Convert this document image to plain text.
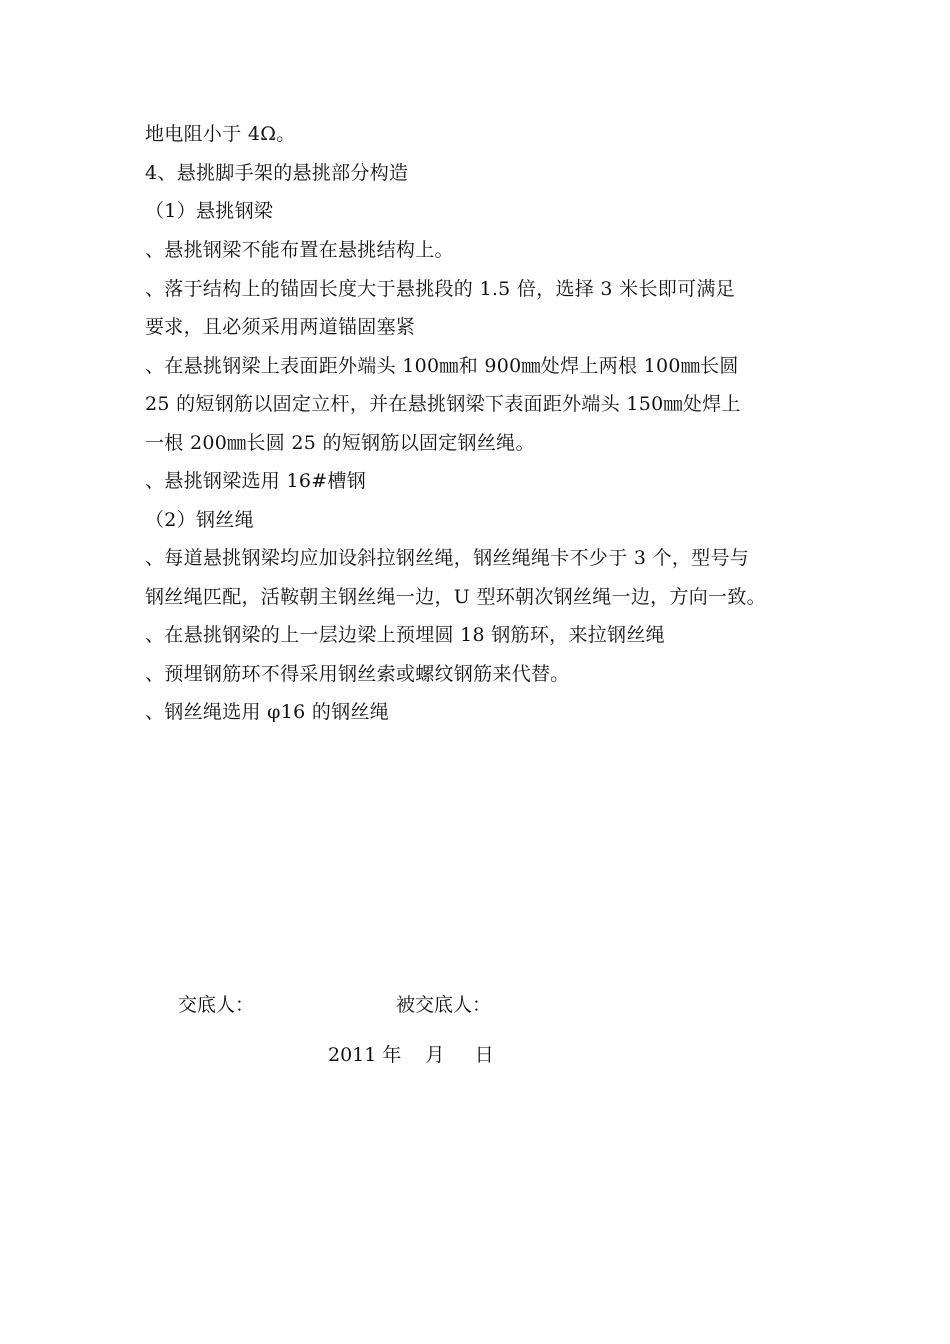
地电阻小于 4Ω。
4、悬挑脚手架的悬挑部分构造
（1）悬挑钢梁
、悬挑钢梁不能布置在悬挑结构上。
、落于结构上的锚固长度大于悬挑段的 1.5 倍，选择 3 米长即可满足
要求，且必须采用两道锚固塞紧
、在悬挑钢梁上表面距外端头 100㎜和 900㎜处焊上两根 100㎜长圆
25 的短钢筋以固定立杆，并在悬挑钢梁下表面距外端头 150㎜处焊上
一根 200㎜长圆 25 的短钢筋以固定钢丝绳。
、悬挑钢梁选用 16#槽钢
（2）钢丝绳
、每道悬挑钢梁均应加设斜拉钢丝绳，钢丝绳绳卡不少于 3 个，型号与
钢丝绳匹配，活鞍朝主钢丝绳一边，U 型环朝次钢丝绳一边，方向一致。
、在悬挑钢梁的上一层边梁上预埋圆 18 钢筋环，来拉钢丝绳
、预埋钢筋环不得采用钢丝索或螺纹钢筋来代替。
、钢丝绳选用 φ16 的钢丝绳
交底人：	被交底人：
2011 年    月     日
